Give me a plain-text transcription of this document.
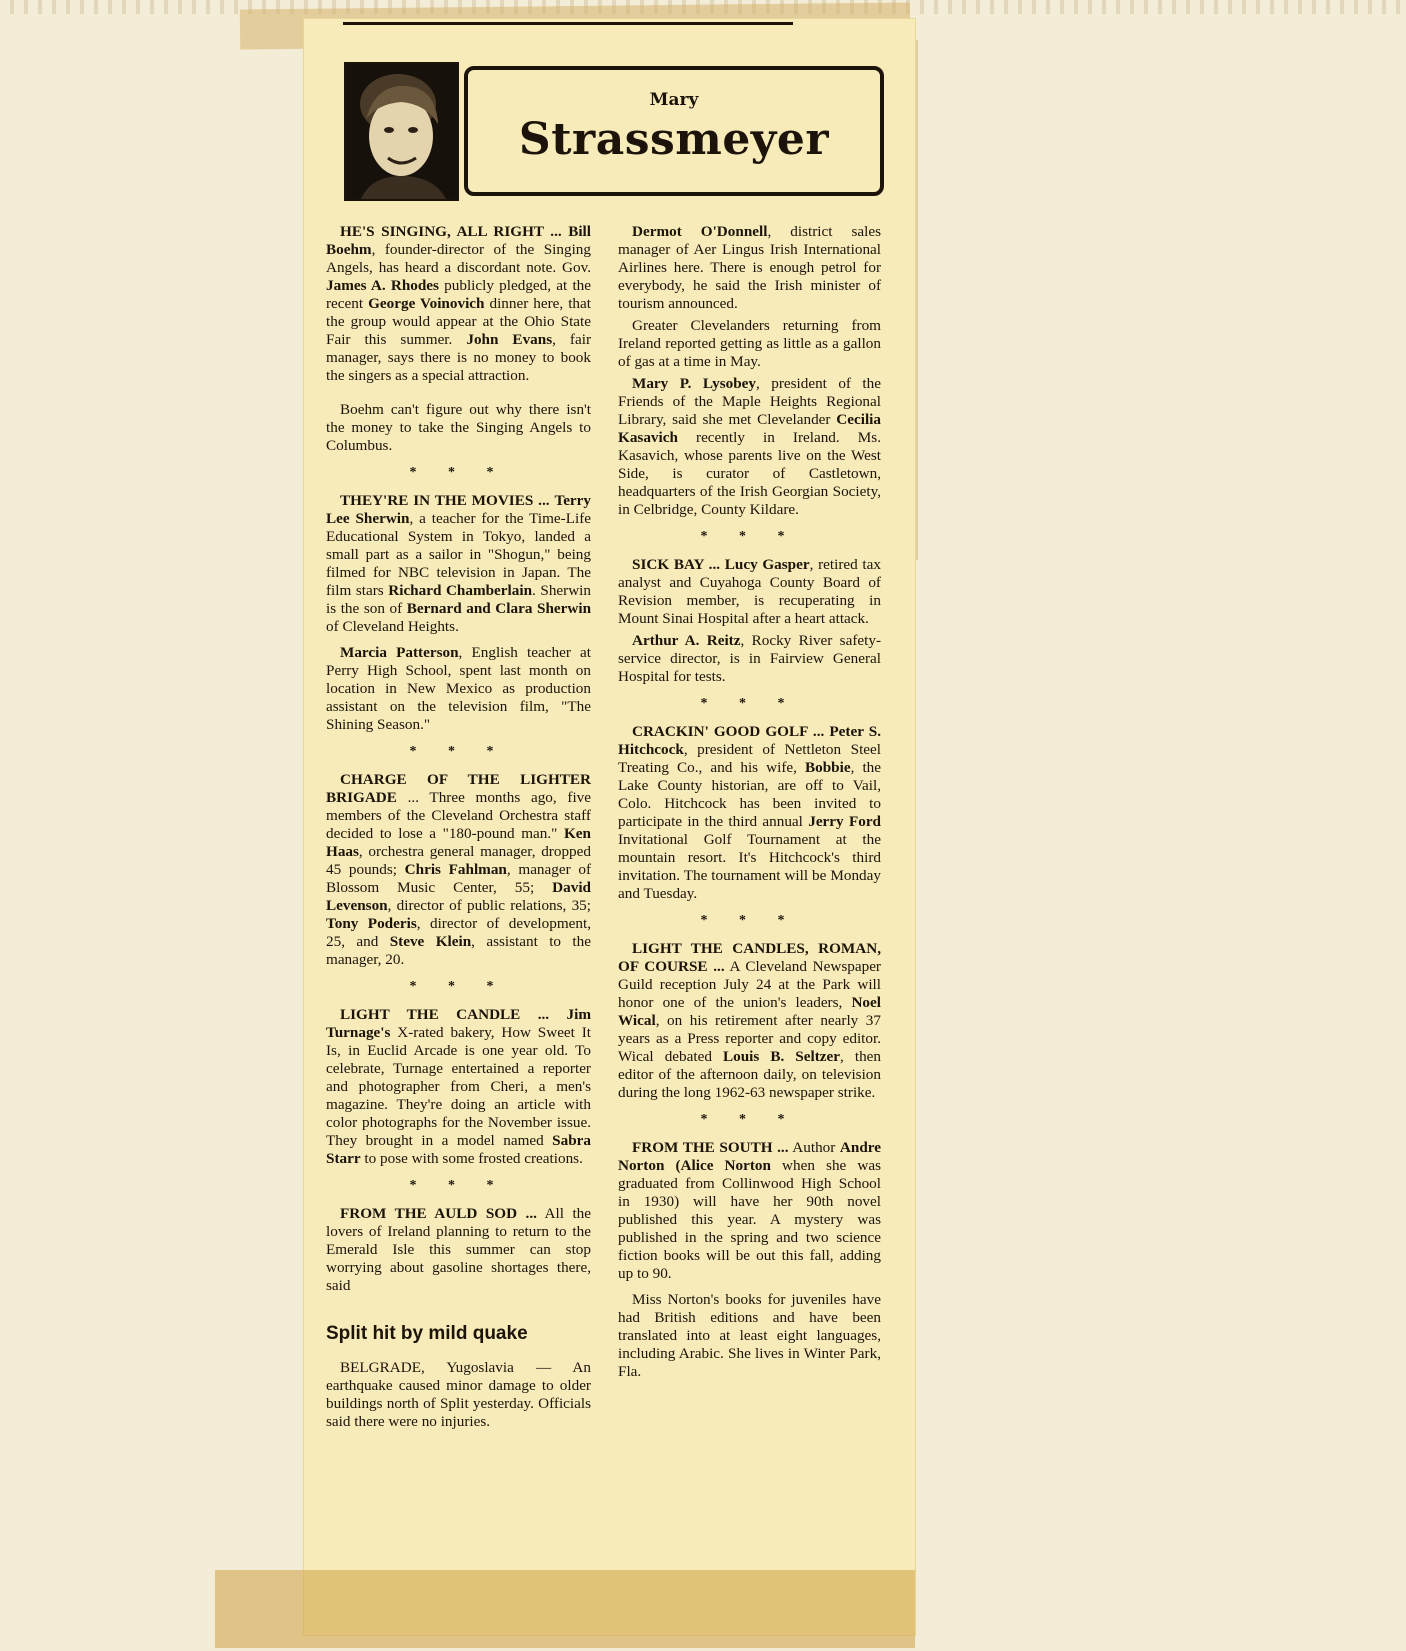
Mary
Strassmeyer

HE'S SINGING, ALL RIGHT ... Bill Boehm, founder-director of the Singing Angels, has heard a discordant note. Gov. James A. Rhodes publicly pledged, at the recent George Voinovich dinner here, that the group would appear at the Ohio State Fair this summer. John Evans, fair manager, says there is no money to book the singers as a special attraction.

Boehm can't figure out why there isn't the money to take the Singing Angels to Columbus.

* * *

THEY'RE IN THE MOVIES ... Terry Lee Sherwin, a teacher for the Time-Life Educational System in Tokyo, landed a small part as a sailor in "Shogun," being filmed for NBC television in Japan. The film stars Richard Chamberlain. Sherwin is the son of Bernard and Clara Sherwin of Cleveland Heights.

Marcia Patterson, English teacher at Perry High School, spent last month on location in New Mexico as production assistant on the television film, "The Shining Season."

* * *

CHARGE OF THE LIGHTER BRIGADE ... Three months ago, five members of the Cleveland Orchestra staff decided to lose a "180-pound man." Ken Haas, orchestra general manager, dropped 45 pounds; Chris Fahlman, manager of Blossom Music Center, 55; David Levenson, director of public relations, 35; Tony Poderis, director of development, 25, and Steve Klein, assistant to the manager, 20.

* * *

LIGHT THE CANDLE ... Jim Turnage's X-rated bakery, How Sweet It Is, in Euclid Arcade is one year old. To celebrate, Turnage entertained a reporter and photographer from Cheri, a men's magazine. They're doing an article with color photographs for the November issue. They brought in a model named Sabra Starr to pose with some frosted creations.

* * *

FROM THE AULD SOD ... All the lovers of Ireland planning to return to the Emerald Isle this summer can stop worrying about gasoline shortages there, said

Split hit by mild quake

BELGRADE, Yugoslavia — An earthquake caused minor damage to older buildings north of Split yesterday. Officials said there were no injuries.

Dermot O'Donnell, district sales manager of Aer Lingus Irish International Airlines here. There is enough petrol for everybody, he said the Irish minister of tourism announced.

Greater Clevelanders returning from Ireland reported getting as little as a gallon of gas at a time in May.

Mary P. Lysobey, president of the Friends of the Maple Heights Regional Library, said she met Clevelander Cecilia Kasavich recently in Ireland. Ms. Kasavich, whose parents live on the West Side, is curator of Castletown, headquarters of the Irish Georgian Society, in Celbridge, County Kildare.

* * *

SICK BAY ... Lucy Gasper, retired tax analyst and Cuyahoga County Board of Revision member, is recuperating in Mount Sinai Hospital after a heart attack.

Arthur A. Reitz, Rocky River safety-service director, is in Fairview General Hospital for tests.

* * *

CRACKIN' GOOD GOLF ... Peter S. Hitchcock, president of Nettleton Steel Treating Co., and his wife, Bobbie, the Lake County historian, are off to Vail, Colo. Hitchcock has been invited to participate in the third annual Jerry Ford Invitational Golf Tournament at the mountain resort. It's Hitchcock's third invitation. The tournament will be Monday and Tuesday.

* * *

LIGHT THE CANDLES, ROMAN, OF COURSE ... A Cleveland Newspaper Guild reception July 24 at the Park will honor one of the union's leaders, Noel Wical, on his retirement after nearly 37 years as a Press reporter and copy editor. Wical debated Louis B. Seltzer, then editor of the afternoon daily, on television during the long 1962-63 newspaper strike.

* * *

FROM THE SOUTH ... Author Andre Norton (Alice Norton when she was graduated from Collinwood High School in 1930) will have her 90th novel published this year. A mystery was published in the spring and two science fiction books will be out this fall, adding up to 90.

Miss Norton's books for juveniles have had British editions and have been translated into at least eight languages, including Arabic. She lives in Winter Park, Fla.
